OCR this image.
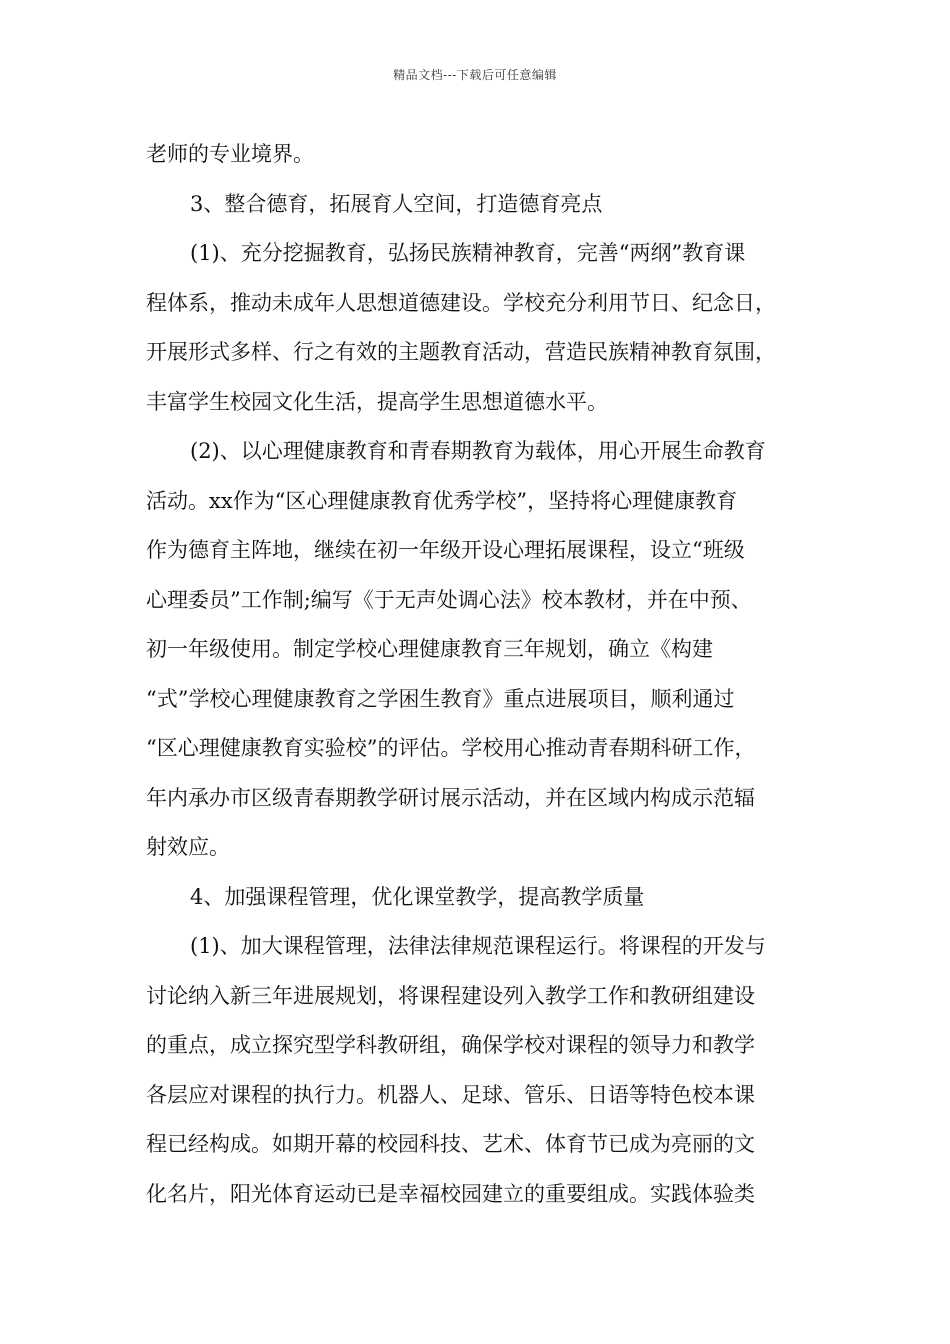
精品文档---下载后可任意编辑
老师的专业境界。
3、整合德育，拓展育人空间，打造德育亮点
(1)、充分挖掘教育，弘扬民族精神教育，完善“两纲”教育课
程体系，推动未成年人思想道德建设。学校充分利用节日、纪念日，
开展形式多样、行之有效的主题教育活动，营造民族精神教育氛围，
丰富学生校园文化生活，提高学生思想道德水平。
(2)、以心理健康教育和青春期教育为载体，用心开展生命教育
活动。xx作为“区心理健康教育优秀学校”，坚持将心理健康教育
作为德育主阵地，继续在初一年级开设心理拓展课程，设立“班级
心理委员”工作制;编写《于无声处调心法》校本教材，并在中预、
初一年级使用。制定学校心理健康教育三年规划，确立《构建
“式”学校心理健康教育之学困生教育》重点进展项目，顺利通过
“区心理健康教育实验校”的评估。学校用心推动青春期科研工作，
年内承办市区级青春期教学研讨展示活动，并在区域内构成示范辐
射效应。
4、加强课程管理，优化课堂教学，提高教学质量
(1)、加大课程管理，法律法律规范课程运行。将课程的开发与
讨论纳入新三年进展规划，将课程建设列入教学工作和教研组建设
的重点，成立探究型学科教研组，确保学校对课程的领导力和教学
各层应对课程的执行力。机器人、足球、管乐、日语等特色校本课
程已经构成。如期开幕的校园科技、艺术、体育节已成为亮丽的文
化名片，阳光体育运动已是幸福校园建立的重要组成。实践体验类
